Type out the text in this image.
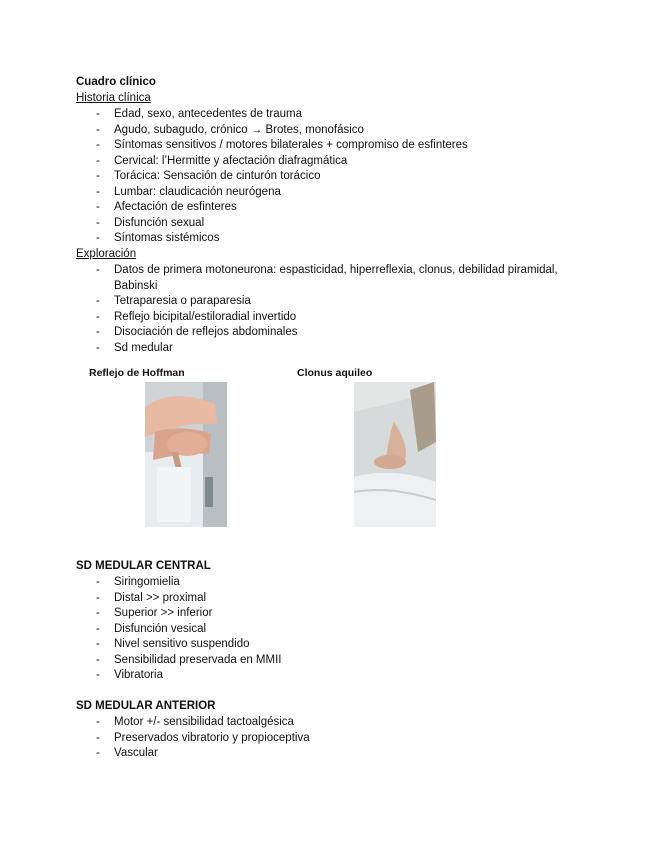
Cuadro clínico
Historia clínica
- Edad, sexo, antecedentes de trauma
- Agudo, subagudo, crónico → Brotes, monofásico
- Síntomas sensitivos / motores bilaterales + compromiso de esfinteres
- Cervical: l’Hermitte y afectación diafragmática
- Torácica: Sensación de cinturón torácico
- Lumbar: claudicación neurógena
- Afectación de esfinteres
- Disfunción sexual
- Síntomas sistémicos
Exploración
- Datos de primera motoneurona: espasticidad, hiperreflexia, clonus, debilidad piramidal, Babinski
- Tetraparesia o paraparesia
- Reflejo bicipital/estiloradial invertido
- Disociación de reflejos abdominales
- Sd medular
Reflejo de Hoffman	Clonus aquileo
SD MEDULAR CENTRAL
- Siringomielia
- Distal >> proximal
- Superior >> inferior
- Disfunción vesical
- Nivel sensitivo suspendido
- Sensibilidad preservada en MMII
- Vibratoria
SD MEDULAR ANTERIOR
- Motor +/- sensibilidad tactoalgésica
- Preservados vibratorio y propioceptiva
- Vascular
